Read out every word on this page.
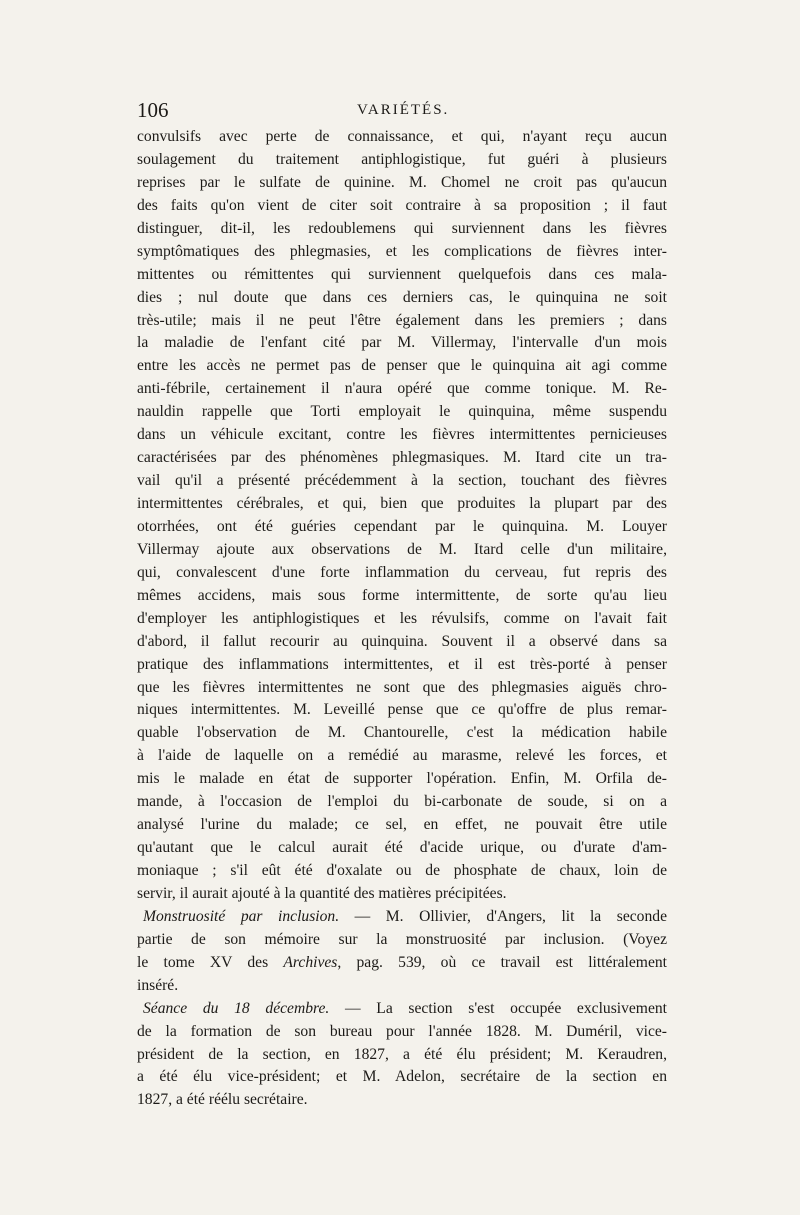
106	VARIÉTÉS.
convulsifs avec perte de connaissance, et qui, n'ayant reçu aucun
soulagement du traitement antiphlogistique, fut guéri à plusieurs
reprises par le sulfate de quinine. M. Chomel ne croit pas qu'aucun
des faits qu'on vient de citer soit contraire à sa proposition ; il faut
distinguer, dit-il, les redoublemens qui surviennent dans les fièvres
symptômatiques des phlegmasies, et les complications de fièvres inter-
mittentes ou rémittentes qui surviennent quelquefois dans ces mala-
dies ; nul doute que dans ces derniers cas, le quinquina ne soit
très-utile; mais il ne peut l'être également dans les premiers ; dans
la maladie de l'enfant cité par M. Villermay, l'intervalle d'un mois
entre les accès ne permet pas de penser que le quinquina ait agi comme
anti-fébrile, certainement il n'aura opéré que comme tonique. M. Re-
nauldin rappelle que Torti employait le quinquina, même suspendu
dans un véhicule excitant, contre les fièvres intermittentes pernicieuses
caractérisées par des phénomènes phlegmasiques. M. Itard cite un tra-
vail qu'il a présenté précédemment à la section, touchant des fièvres
intermittentes cérébrales, et qui, bien que produites la plupart par des
otorrhées, ont été guéries cependant par le quinquina. M. Louyer
Villermay ajoute aux observations de M. Itard celle d'un militaire,
qui, convalescent d'une forte inflammation du cerveau, fut repris des
mêmes accidens, mais sous forme intermittente, de sorte qu'au lieu
d'employer les antiphlogistiques et les révulsifs, comme on l'avait fait
d'abord, il fallut recourir au quinquina. Souvent il a observé dans sa
pratique des inflammations intermittentes, et il est très-porté à penser
que les fièvres intermittentes ne sont que des phlegmasies aiguës chro-
niques intermittentes. M. Leveillé pense que ce qu'offre de plus remar-
quable l'observation de M. Chantourelle, c'est la médication habile
à l'aide de laquelle on a remédié au marasme, relevé les forces, et
mis le malade en état de supporter l'opération. Enfin, M. Orfila de-
mande, à l'occasion de l'emploi du bi-carbonate de soude, si on a
analysé l'urine du malade; ce sel, en effet, ne pouvait être utile
qu'autant que le calcul aurait été d'acide urique, ou d'urate d'am-
moniaque ; s'il eût été d'oxalate ou de phosphate de chaux, loin de
servir, il aurait ajouté à la quantité des matières précipitées.
Monstruosité par inclusion. — M. Ollivier, d'Angers, lit la seconde
partie de son mémoire sur la monstruosité par inclusion. (Voyez
le tome XV des Archives, pag. 539, où ce travail est littéralement
inséré.
Séance du 18 décembre. — La section s'est occupée exclusivement
de la formation de son bureau pour l'année 1828. M. Duméril, vice-
président de la section, en 1827, a été élu président; M. Keraudren,
a été élu vice-président; et M. Adelon, secrétaire de la section en
1827, a été réélu secrétaire.
